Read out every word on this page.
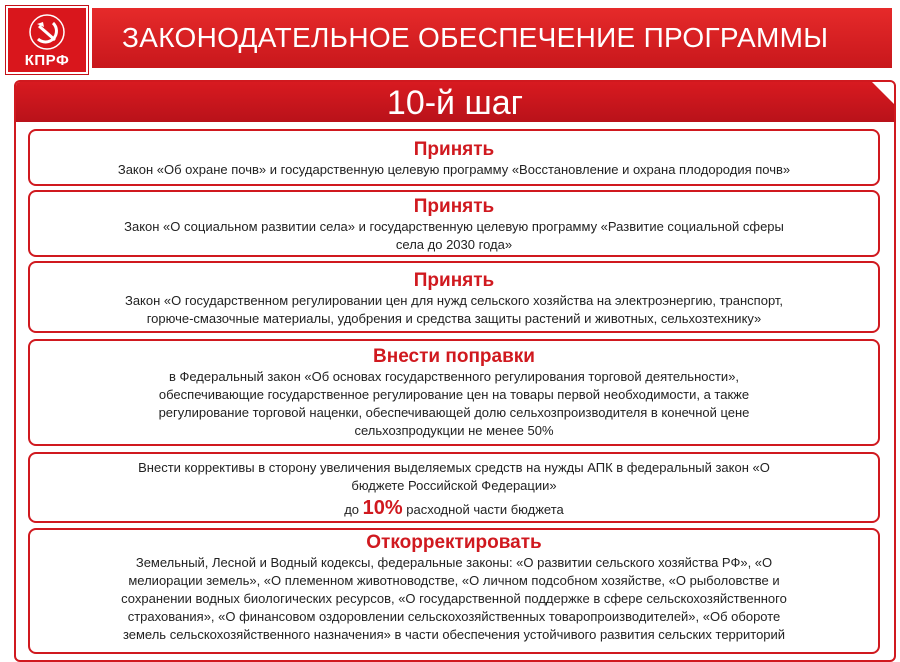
КПРФ
ЗАКОНОДАТЕЛЬНОЕ ОБЕСПЕЧЕНИЕ ПРОГРАММЫ
10-й шаг
Принять
Закон «Об охране почв» и государственную целевую программу «Восстановление и охрана плодородия почв»
Принять
Закон «О социальном развитии села» и государственную целевую программу «Развитие социальной сферы
села до 2030 года»
Принять
Закон «О государственном регулировании цен для нужд сельского хозяйства на электроэнергию, транспорт,
горюче-смазочные материалы, удобрения и средства защиты растений и животных, сельхозтехнику»
Внести поправки
в Федеральный закон «Об основах государственного регулирования торговой деятельности»,
обеспечивающие государственное регулирование цен на товары первой необходимости, а также
регулирование торговой наценки, обеспечивающей долю сельхозпроизводителя в конечной цене
сельхозпродукции не менее 50%
Внести коррективы в сторону увеличения выделяемых средств на нужды АПК в федеральный закон «О
бюджете Российской Федерации»
до 10% расходной части бюджета
Откорректировать
Земельный, Лесной и Водный кодексы, федеральные законы: «О развитии сельского хозяйства РФ», «О
мелиорации земель», «О племенном животноводстве, «О личном подсобном хозяйстве, «О рыболовстве и
сохранении водных биологических ресурсов, «О государственной поддержке в сфере сельскохозяйственного
страхования», «О финансовом оздоровлении сельскохозяйственных товаропроизводителей», «Об обороте
земель сельскохозяйственного назначения» в части обеспечения устойчивого развития сельских территорий
